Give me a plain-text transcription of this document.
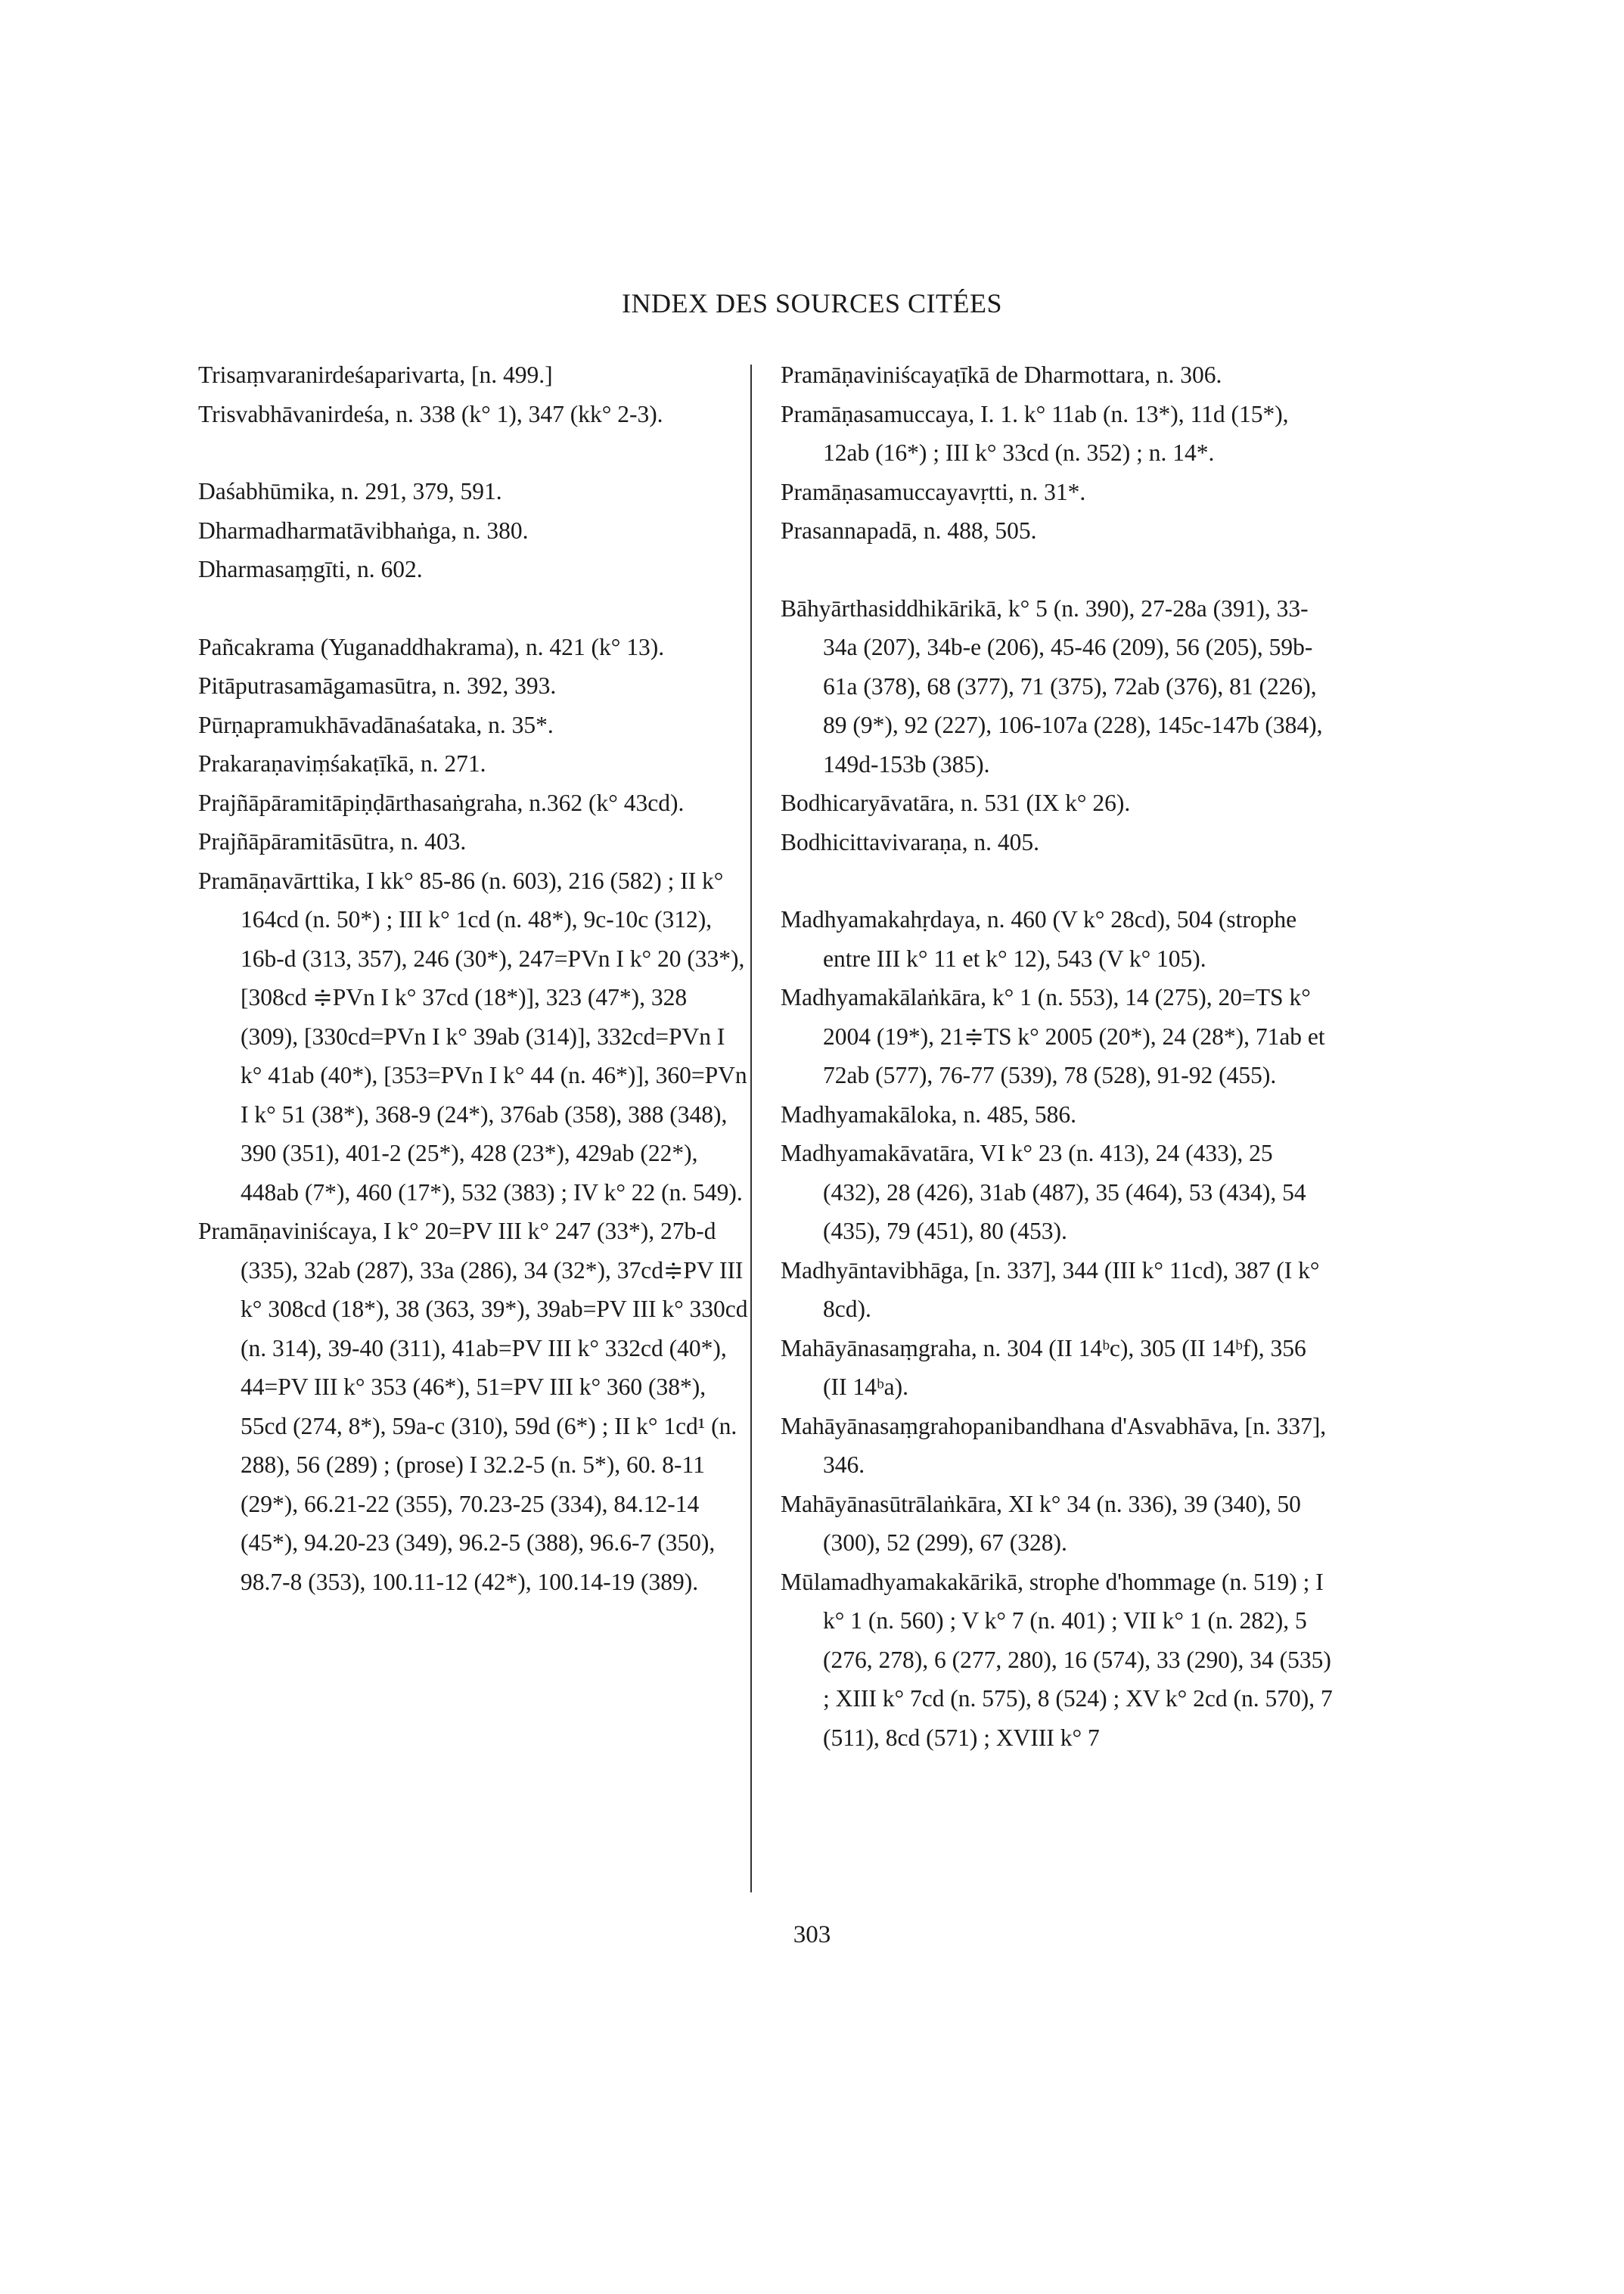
INDEX DES SOURCES CITÉES
Trisaṃvaranirdeśaparivarta, [n. 499.]
Trisvabhāvanirdeśa, n. 338 (k° 1), 347 (kk° 2-3).
Daśabhūmika, n. 291, 379, 591.
Dharmadharmatāvibhaṅga, n. 380.
Dharmasaṃgīti, n. 602.
Pañcakrama (Yuganaddhakrama), n. 421 (k° 13).
Pitāputrasamāgamasūtra, n. 392, 393.
Pūrṇapramukhāvadānaśataka, n. 35*.
Prakaraṇaviṃśakaṭīkā, n. 271.
Prajñāpāramitāpiṇḍārthasaṅgraha, n.362 (k° 43cd).
Prajñāpāramitāsūtra, n. 403.
Pramāṇavārttika, I kk° 85-86 (n. 603), 216 (582) ; II k° 164cd (n. 50*) ; III k° 1cd (n. 48*), 9c-10c (312), 16b-d (313, 357), 246 (30*), 247=PVn I k° 20 (33*), [308cd ≑PVn I k° 37cd (18*)], 323 (47*), 328 (309), [330cd=PVn I k° 39ab (314)], 332cd=PVn I k° 41ab (40*), [353=PVn I k° 44 (n. 46*)], 360=PVn I k° 51 (38*), 368-9 (24*), 376ab (358), 388 (348), 390 (351), 401-2 (25*), 428 (23*), 429ab (22*), 448ab (7*), 460 (17*), 532 (383) ; IV k° 22 (n. 549).
Pramāṇaviniścaya, I k° 20=PV III k° 247 (33*), 27b-d (335), 32ab (287), 33a (286), 34 (32*), 37cd≑PV III k° 308cd (18*), 38 (363, 39*), 39ab=PV III k° 330cd (n. 314), 39-40 (311), 41ab=PV III k° 332cd (40*), 44=PV III k° 353 (46*), 51=PV III k° 360 (38*), 55cd (274, 8*), 59a-c (310), 59d (6*) ; II k° 1cd¹ (n. 288), 56 (289) ; (prose) I 32.2-5 (n. 5*), 60. 8-11 (29*), 66.21-22 (355), 70.23-25 (334), 84.12-14 (45*), 94.20-23 (349), 96.2-5 (388), 96.6-7 (350), 98.7-8 (353), 100.11-12 (42*), 100.14-19 (389).
Pramāṇaviniścayaṭīkā de Dharmottara, n. 306.
Pramāṇasamuccaya, I. 1. k° 11ab (n. 13*), 11d (15*), 12ab (16*) ; III k° 33cd (n. 352) ; n. 14*.
Pramāṇasamuccayavṛtti, n. 31*.
Prasannapadā, n. 488, 505.
Bāhyārthasiddhikārikā, k° 5 (n. 390), 27-28a (391), 33-34a (207), 34b-e (206), 45-46 (209), 56 (205), 59b-61a (378), 68 (377), 71 (375), 72ab (376), 81 (226), 89 (9*), 92 (227), 106-107a (228), 145c-147b (384), 149d-153b (385).
Bodhicaryāvatāra, n. 531 (IX k° 26).
Bodhicittavivaraṇa, n. 405.
Madhyamakahṛdaya, n. 460 (V k° 28cd), 504 (strophe entre III k° 11 et k° 12), 543 (V k° 105).
Madhyamakālaṅkāra, k° 1 (n. 553), 14 (275), 20=TS k° 2004 (19*), 21≑TS k° 2005 (20*), 24 (28*), 71ab et 72ab (577), 76-77 (539), 78 (528), 91-92 (455).
Madhyamakāloka, n. 485, 586.
Madhyamakāvatāra, VI k° 23 (n. 413), 24 (433), 25 (432), 28 (426), 31ab (487), 35 (464), 53 (434), 54 (435), 79 (451), 80 (453).
Madhyāntavibhāga, [n. 337], 344 (III k° 11cd), 387 (I k° 8cd).
Mahāyānasaṃgraha, n. 304 (II 14ᵇc), 305 (II 14ᵇf), 356 (II 14ᵇa).
Mahāyānasaṃgrahopanibandhana d'Asvabhāva, [n. 337], 346.
Mahāyānasūtrālaṅkāra, XI k° 34 (n. 336), 39 (340), 50 (300), 52 (299), 67 (328).
Mūlamadhyamakakārikā, strophe d'hommage (n. 519) ; I k° 1 (n. 560) ; V k° 7 (n. 401) ; VII k° 1 (n. 282), 5 (276, 278), 6 (277, 280), 16 (574), 33 (290), 34 (535) ; XIII k° 7cd (n. 575), 8 (524) ; XV k° 2cd (n. 570), 7 (511), 8cd (571) ; XVIII k° 7
303
